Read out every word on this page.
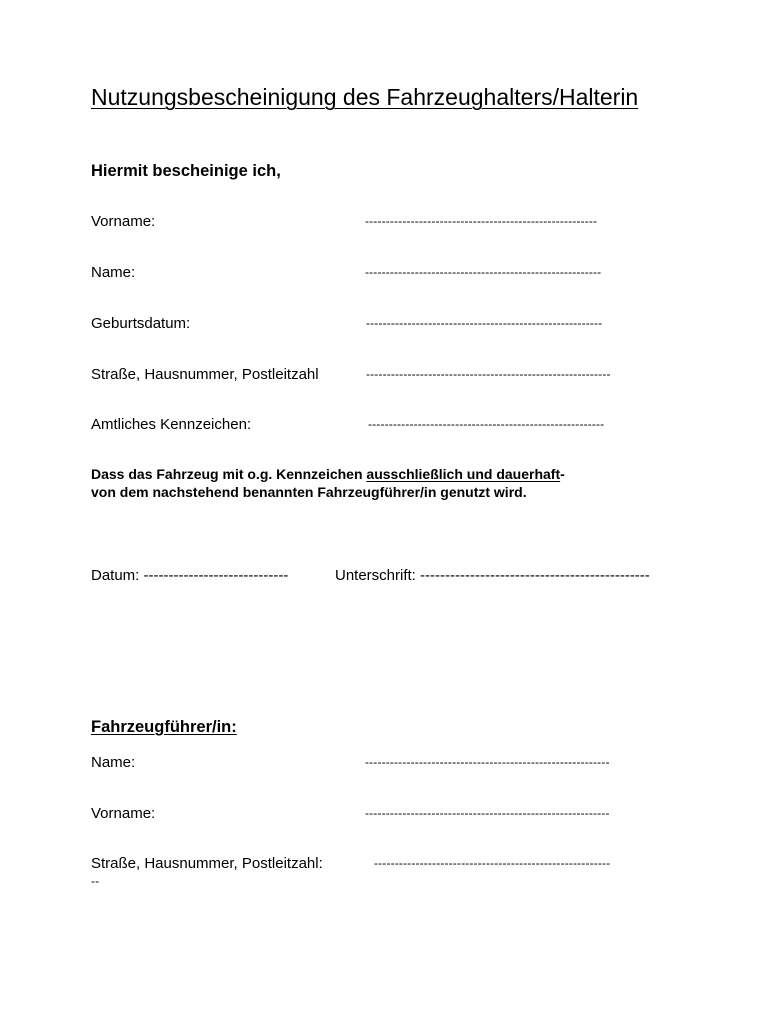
Nutzungsbescheinigung des Fahrzeughalters/Halterin
Hiermit bescheinige ich,
Vorname:	--------------------------------------------------------
Name:	---------------------------------------------------------
Geburtsdatum:	---------------------------------------------------------
Straße, Hausnummer, Postleitzahl	-----------------------------------------------------------
Amtliches Kennzeichen:	---------------------------------------------------------
Dass das Fahrzeug mit o.g. Kennzeichen ausschließlich und dauerhaft-
von dem nachstehend benannten Fahrzeugführer/in genutzt wird.
Datum: -----------------------------	Unterschrift: ----------------------------------------------
Fahrzeugführer/in:
Name:	-----------------------------------------------------------
Vorname:	-----------------------------------------------------------
Straße, Hausnummer, Postleitzahl:	---------------------------------------------------------
--
